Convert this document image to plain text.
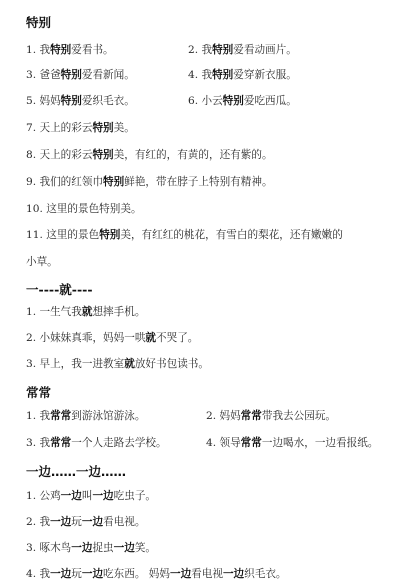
特别
1. 我特别爱看书。	2. 我特别爱看动画片。
3. 爸爸特别爱看新闻。	4. 我特别爱穿新衣服。
5. 妈妈特别爱织毛衣。	6. 小云特别爱吃西瓜。
7. 天上的彩云特别美。
8. 天上的彩云特别美，有红的，有黄的，还有紫的。
9. 我们的红领巾特别鲜艳，带在脖子上特别有精神。
10. 这里的景色特别美。
11. 这里的景色特别美，有红红的桃花，有雪白的梨花，还有嫩嫩的
小草。
一----就----
1. 一生气我就想摔手机。
2. 小妹妹真乖，妈妈一哄就不哭了。
3. 早上，我一进教室就放好书包读书。
常常
1. 我常常到游泳馆游泳。	2. 妈妈常常带我去公园玩。
3. 我常常一个人走路去学校。	4. 领导常常一边喝水，一边看报纸。
一边……一边……
1. 公鸡一边叫一边吃虫子。
2. 我一边玩一边看电视。
3. 啄木鸟一边捉虫一边笑。
4. 我一边玩一边吃东西。 妈妈一边看电视一边织毛衣。
